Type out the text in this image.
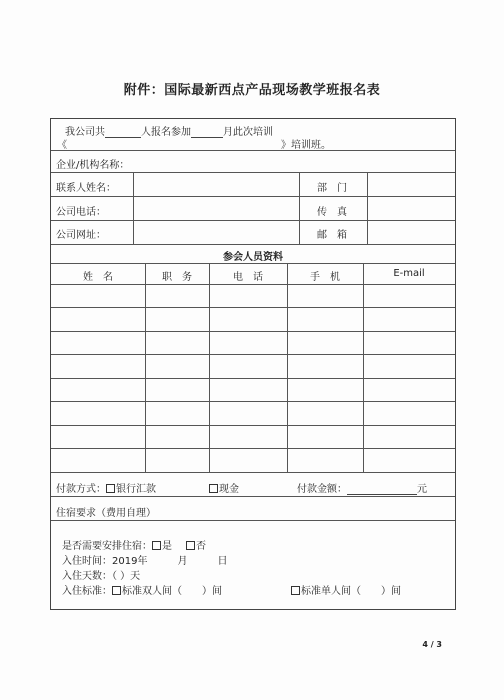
附件：国际最新西点产品现场教学班报名表
我公司共	人报名参加	月此次培训
《	》培训班。
企业/机构名称：
联系人姓名：	部　门
公司电话：	传　真
公司网址：	邮　箱
参会人员资料
姓　名	职　务	电　话	手　机	E-mail
付款方式： 银行汇款	现金	付款金额：	元
住宿要求（费用自理）
是否需要安排住宿： 是 否
入住时间：2019年	月	日
入住天数：（ ）天
入住标准： 标准双人间（　　）间	标准单人间（　　）间
4 / 3
